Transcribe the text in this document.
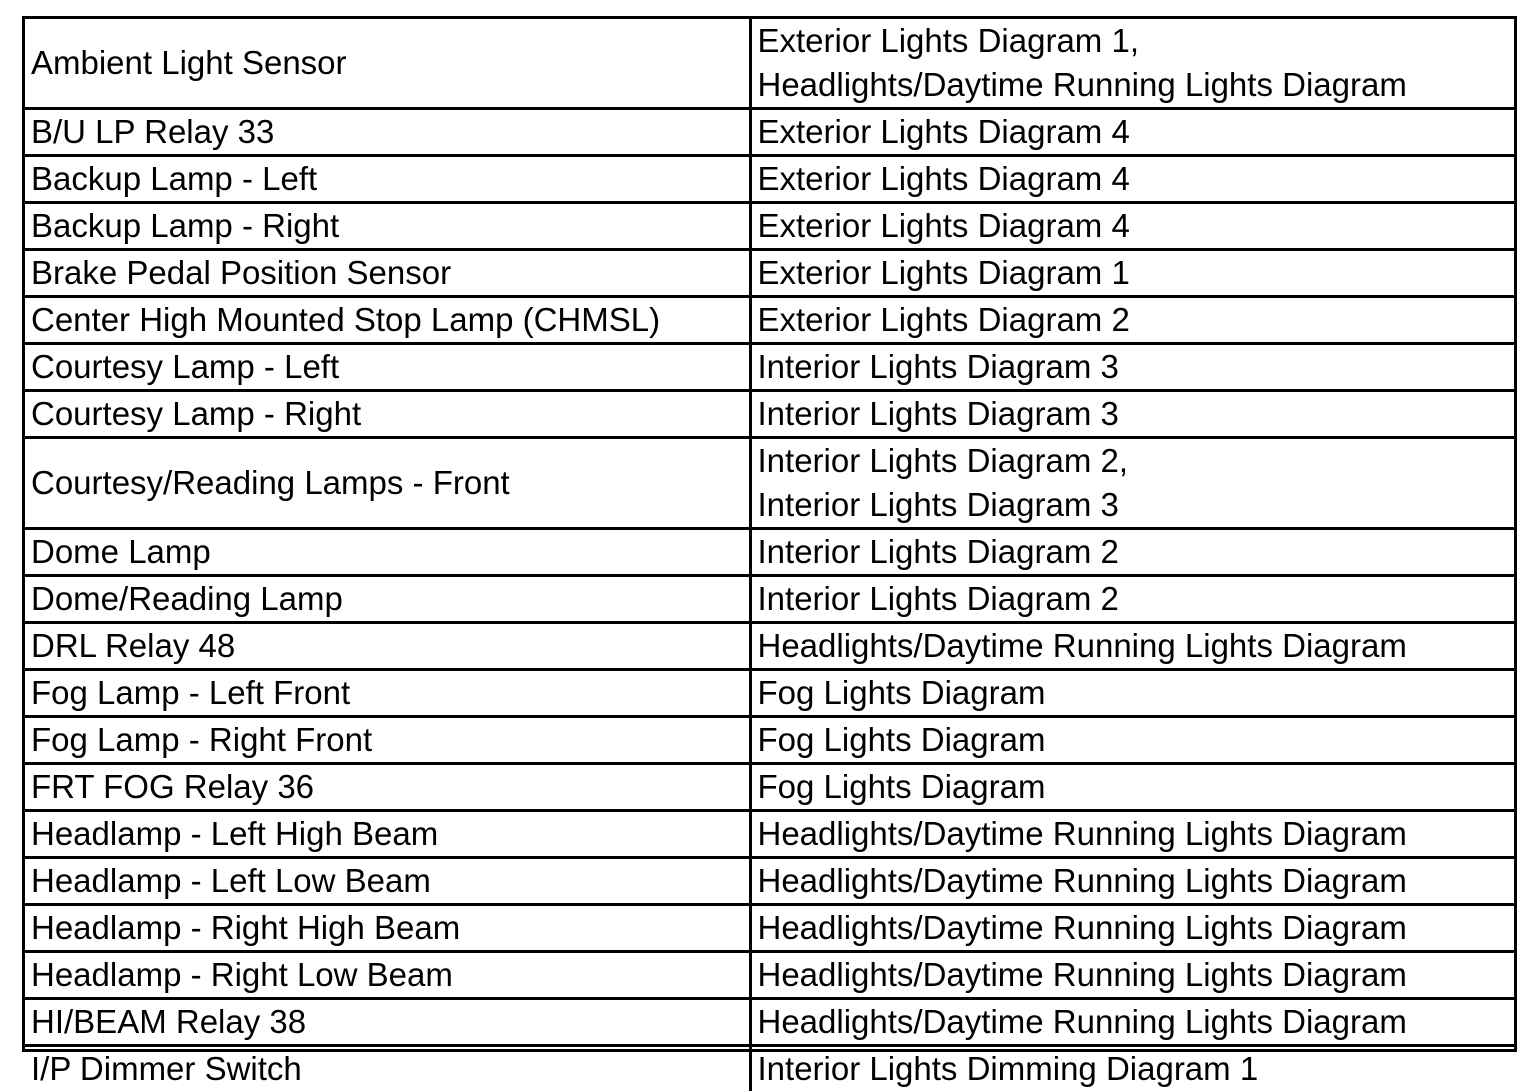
Ambient Light Sensor	Exterior Lights Diagram 1,
Headlights/Daytime Running Lights Diagram

B/U LP Relay 33	Exterior Lights Diagram 4

Backup Lamp - Left	Exterior Lights Diagram 4

Backup Lamp - Right	Exterior Lights Diagram 4

Brake Pedal Position Sensor	Exterior Lights Diagram 1

Center High Mounted Stop Lamp (CHMSL)	Exterior Lights Diagram 2

Courtesy Lamp - Left	Interior Lights Diagram 3

Courtesy Lamp - Right	Interior Lights Diagram 3

Courtesy/Reading Lamps - Front	Interior Lights Diagram 2,
Interior Lights Diagram 3

Dome Lamp	Interior Lights Diagram 2

Dome/Reading Lamp	Interior Lights Diagram 2

DRL Relay 48	Headlights/Daytime Running Lights Diagram

Fog Lamp - Left Front	Fog Lights Diagram

Fog Lamp - Right Front	Fog Lights Diagram

FRT FOG Relay 36	Fog Lights Diagram

Headlamp - Left High Beam	Headlights/Daytime Running Lights Diagram

Headlamp - Left Low Beam	Headlights/Daytime Running Lights Diagram

Headlamp - Right High Beam	Headlights/Daytime Running Lights Diagram

Headlamp - Right Low Beam	Headlights/Daytime Running Lights Diagram

HI/BEAM Relay 38	Headlights/Daytime Running Lights Diagram

I/P Dimmer Switch	Interior Lights Dimming Diagram 1
